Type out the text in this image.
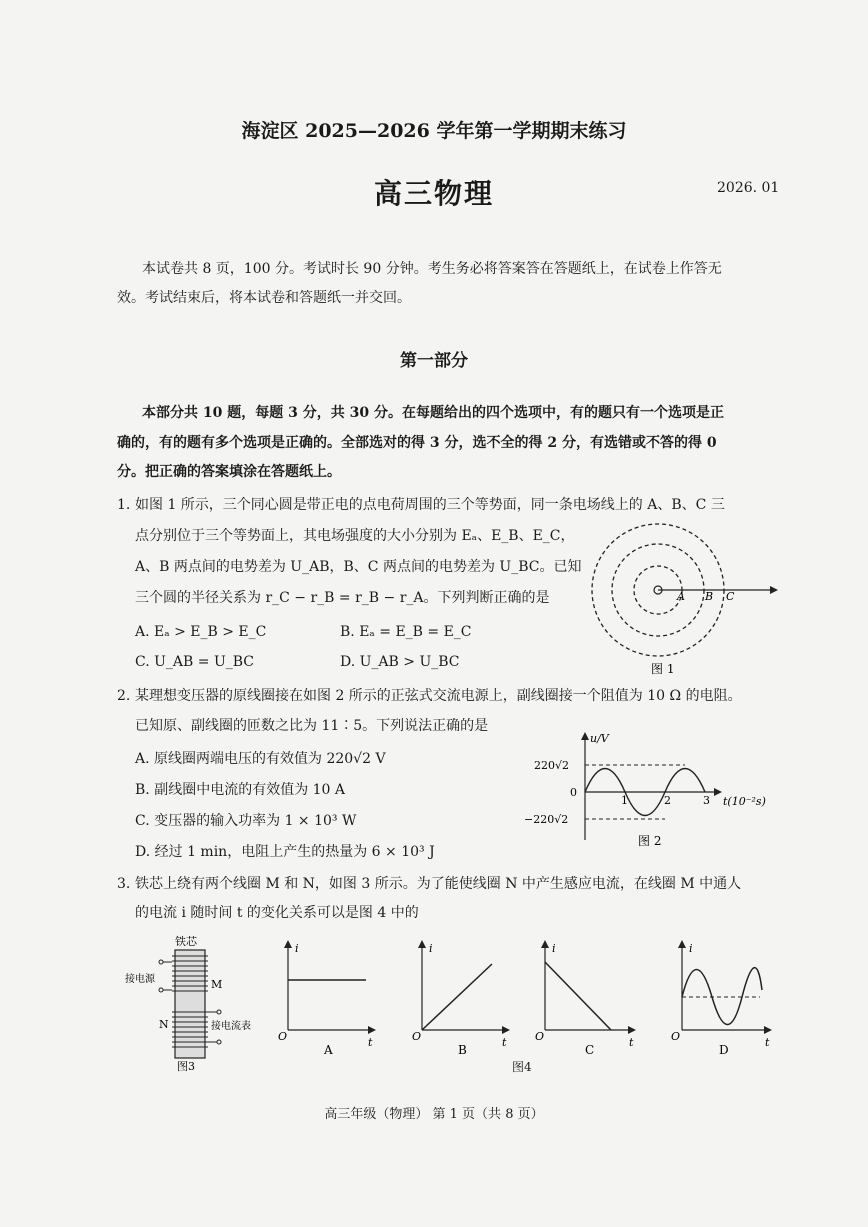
海淀区 2025—2026 学年第一学期期末练习
高三物理	2026. 01
本试卷共 8 页，100 分。考试时长 90 分钟。考生务必将答案答在答题纸上，在试卷上作答无
效。考试结束后，将本试卷和答题纸一并交回。
第一部分
本部分共 10 题，每题 3 分，共 30 分。在每题给出的四个选项中，有的题只有一个选项是正
确的，有的题有多个选项是正确的。全部选对的得 3 分，选不全的得 2 分，有选错或不答的得 0
分。把正确的答案填涂在答题纸上。
1. 如图 1 所示，三个同心圆是带正电的点电荷周围的三个等势面，同一条电场线上的 A、B、C 三
点分别位于三个等势面上，其电场强度的大小分别为 Eₐ、E_B、E_C，
A、B 两点间的电势差为 U_AB，B、C 两点间的电势差为 U_BC。已知
三个圆的半径关系为 r_C − r_B = r_B − r_A。下列判断正确的是
A. Eₐ > E_B > E_C	B. Eₐ = E_B = E_C
C. U_AB = U_BC	D. U_AB > U_BC
A B C
图 1
2. 某理想变压器的原线圈接在如图 2 所示的正弦式交流电源上，副线圈接一个阻值为 10 Ω 的电阻。
已知原、副线圈的匝数之比为 11∶5。下列说法正确的是
A. 原线圈两端电压的有效值为 220√2 V
B. 副线圈中电流的有效值为 10 A
C. 变压器的输入功率为 1 × 10³ W
D. 经过 1 min，电阻上产生的热量为 6 × 10³ J
u/V
220√2
0
−220√2
1	2	3 t(10⁻²s)
图 2
3. 铁芯上绕有两个线圈 M 和 N，如图 3 所示。为了能使线圈 N 中产生感应电流，在线圈 M 中通人
的电流 i 随时间 t 的变化关系可以是图 4 中的
铁芯
接电源	M
N	接电流表
图3
i
O	t
A
i
O	t
B
i
O	t
C
i
O	t
D
图4
高三年级（物理） 第 1 页（共 8 页）
